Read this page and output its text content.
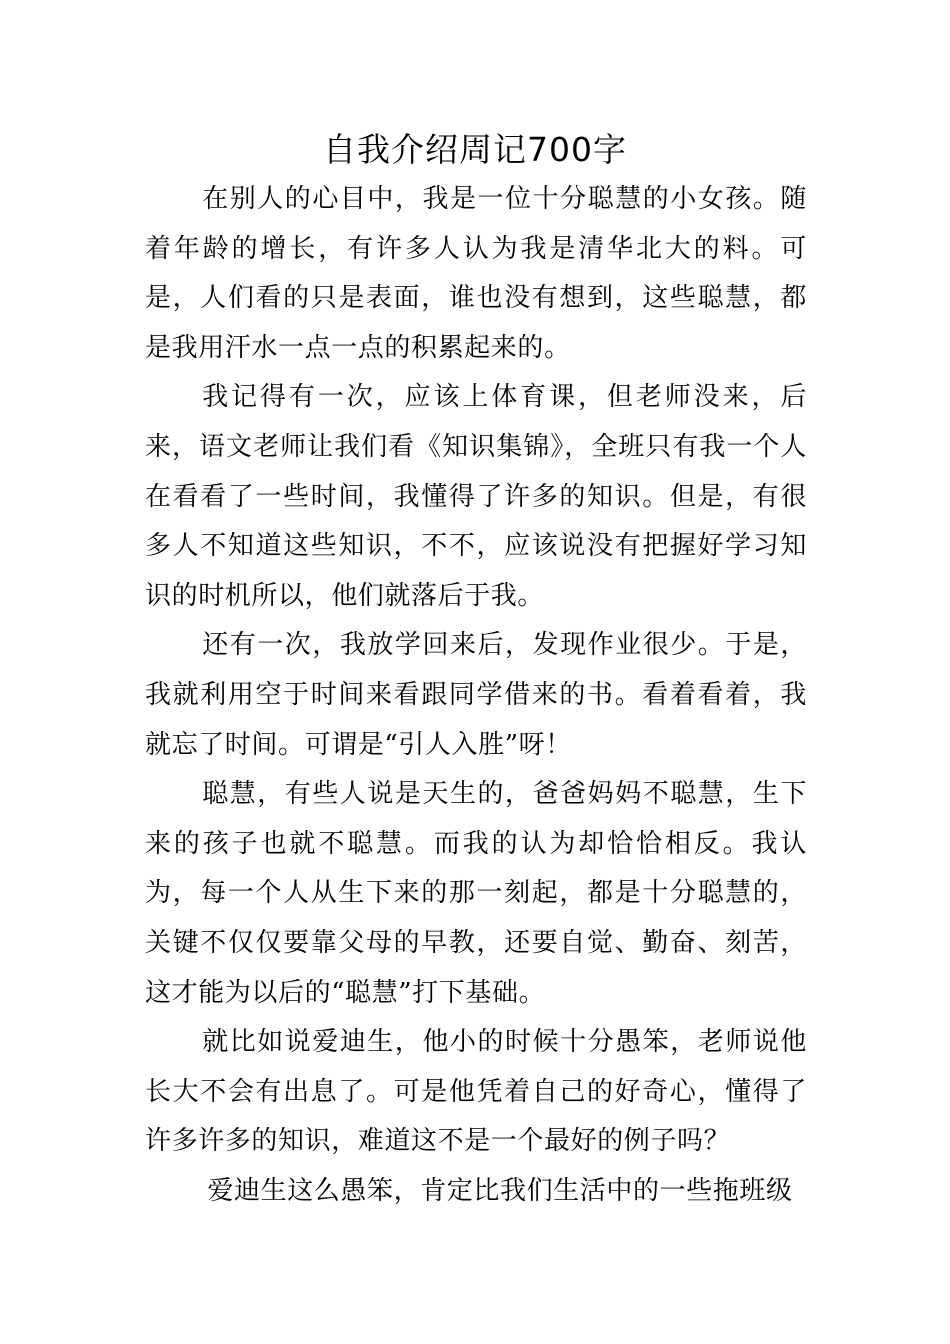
自我介绍周记700字

在别人的心目中，我是一位十分聪慧的小女孩。随着年龄的增长，有许多人认为我是清华北大的料。可是，人们看的只是表面，谁也没有想到，这些聪慧，都是我用汗水一点一点的积累起来的。

我记得有一次，应该上体育课，但老师没来，后来，语文老师让我们看《知识集锦》，全班只有我一个人在看看了一些时间，我懂得了许多的知识。但是，有很多人不知道这些知识，不不，应该说没有把握好学习知识的时机所以，他们就落后于我。

还有一次，我放学回来后，发现作业很少。于是，我就利用空于时间来看跟同学借来的书。看着看着，我就忘了时间。可谓是“引人入胜”呀！

聪慧，有些人说是天生的，爸爸妈妈不聪慧，生下来的孩子也就不聪慧。而我的认为却恰恰相反。我认为，每一个人从生下来的那一刻起，都是十分聪慧的，关键不仅仅要靠父母的早教，还要自觉、勤奋、刻苦，这才能为以后的“聪慧”打下基础。

就比如说爱迪生，他小的时候十分愚笨，老师说他长大不会有出息了。可是他凭着自己的好奇心，懂得了许多许多的知识，难道这不是一个最好的例子吗？

爱迪生这么愚笨，肯定比我们生活中的一些拖班级
